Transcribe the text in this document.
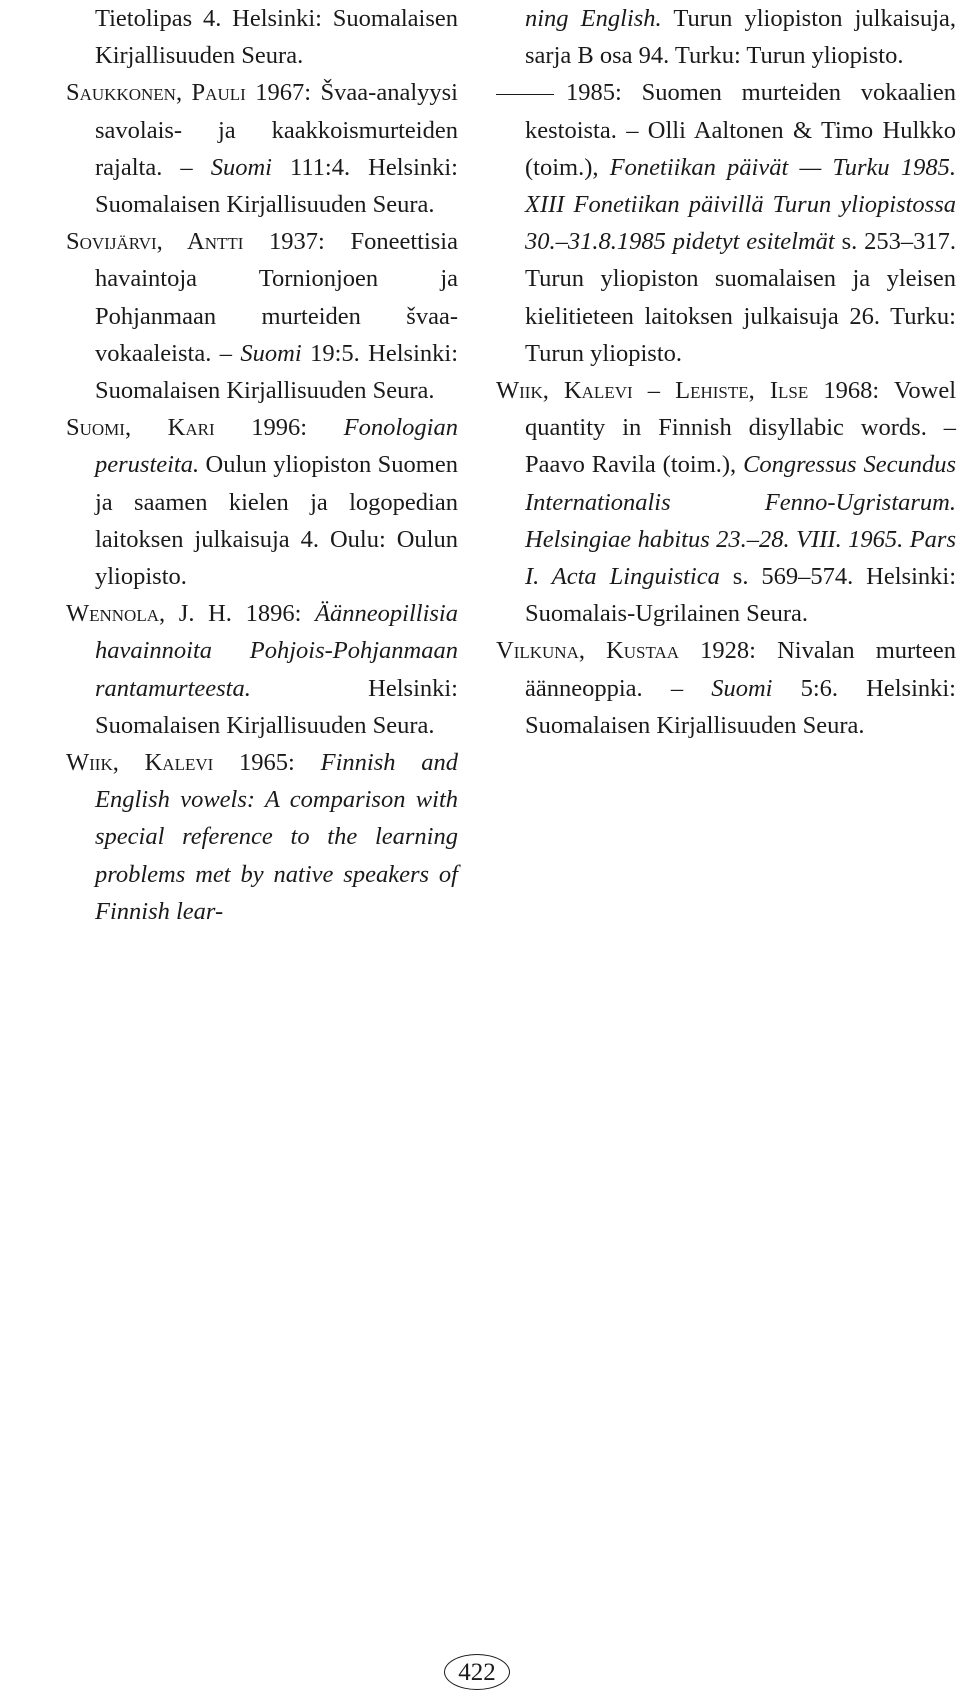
Tietolipas 4. Helsinki: Suomalaisen Kirjallisuuden Seura.

Saukkonen, Pauli 1967: Švaa-analyysi savolais- ja kaakkoismurteiden rajalta. – Suomi 111:4. Helsinki: Suomalaisen Kirjallisuuden Seura.

Sovijärvi, Antti 1937: Foneettisia havaintoja Tornionjoen ja Pohjanmaan murteiden švaa-vokaaleista. – Suomi 19:5. Helsinki: Suomalaisen Kirjallisuuden Seura.

Suomi, Kari 1996: Fonologian perusteita. Oulun yliopiston Suomen ja saamen kielen ja logopedian laitoksen julkaisuja 4. Oulu: Oulun yliopisto.

Wennola, J. H. 1896: Äänneopillisia havainnoita Pohjois-Pohjanmaan rantamurteesta. Helsinki: Suomalaisen Kirjallisuuden Seura.

Wiik, Kalevi 1965: Finnish and English vowels: A comparison with special reference to the learning problems met by native speakers of Finnish lear-

ning English. Turun yliopiston julkaisuja, sarja B osa 94. Turku: Turun yliopisto.

1985: Suomen murteiden vokaalien kestoista. – Olli Aaltonen & Timo Hulkko (toim.), Fonetiikan päivät — Turku 1985. XIII Fonetiikan päivillä Turun yliopistossa 30.–31.8.1985 pidetyt esitelmät s. 253–317. Turun yliopiston suomalaisen ja yleisen kielitieteen laitoksen julkaisuja 26. Turku: Turun yliopisto.

Wiik, Kalevi – Lehiste, Ilse 1968: Vowel quantity in Finnish disyllabic words. – Paavo Ravila (toim.), Congressus Secundus Internationalis Fenno-Ugristarum. Helsingiae habitus 23.–28. VIII. 1965. Pars I. Acta Linguistica s. 569–574. Helsinki: Suomalais-Ugrilainen Seura.

Vilkuna, Kustaa 1928: Nivalan murteen äänneoppia. – Suomi 5:6. Helsinki: Suomalaisen Kirjallisuuden Seura.

422
